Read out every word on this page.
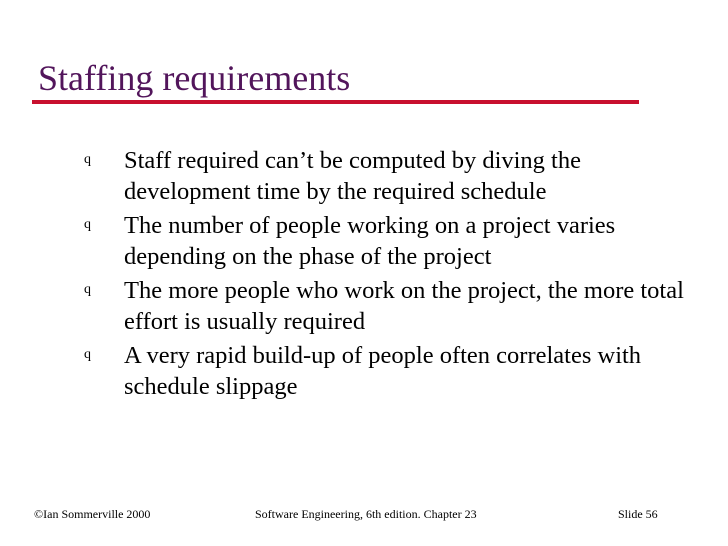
Staffing requirements
q Staff required can’t be computed by diving the development time by the required schedule
q The number of people working on a project varies depending on the phase of the project
q The more people who work on the project, the more total effort is usually required
q A very rapid build-up of people often correlates with schedule slippage
©Ian Sommerville 2000	Software Engineering, 6th edition. Chapter 23	Slide 56
